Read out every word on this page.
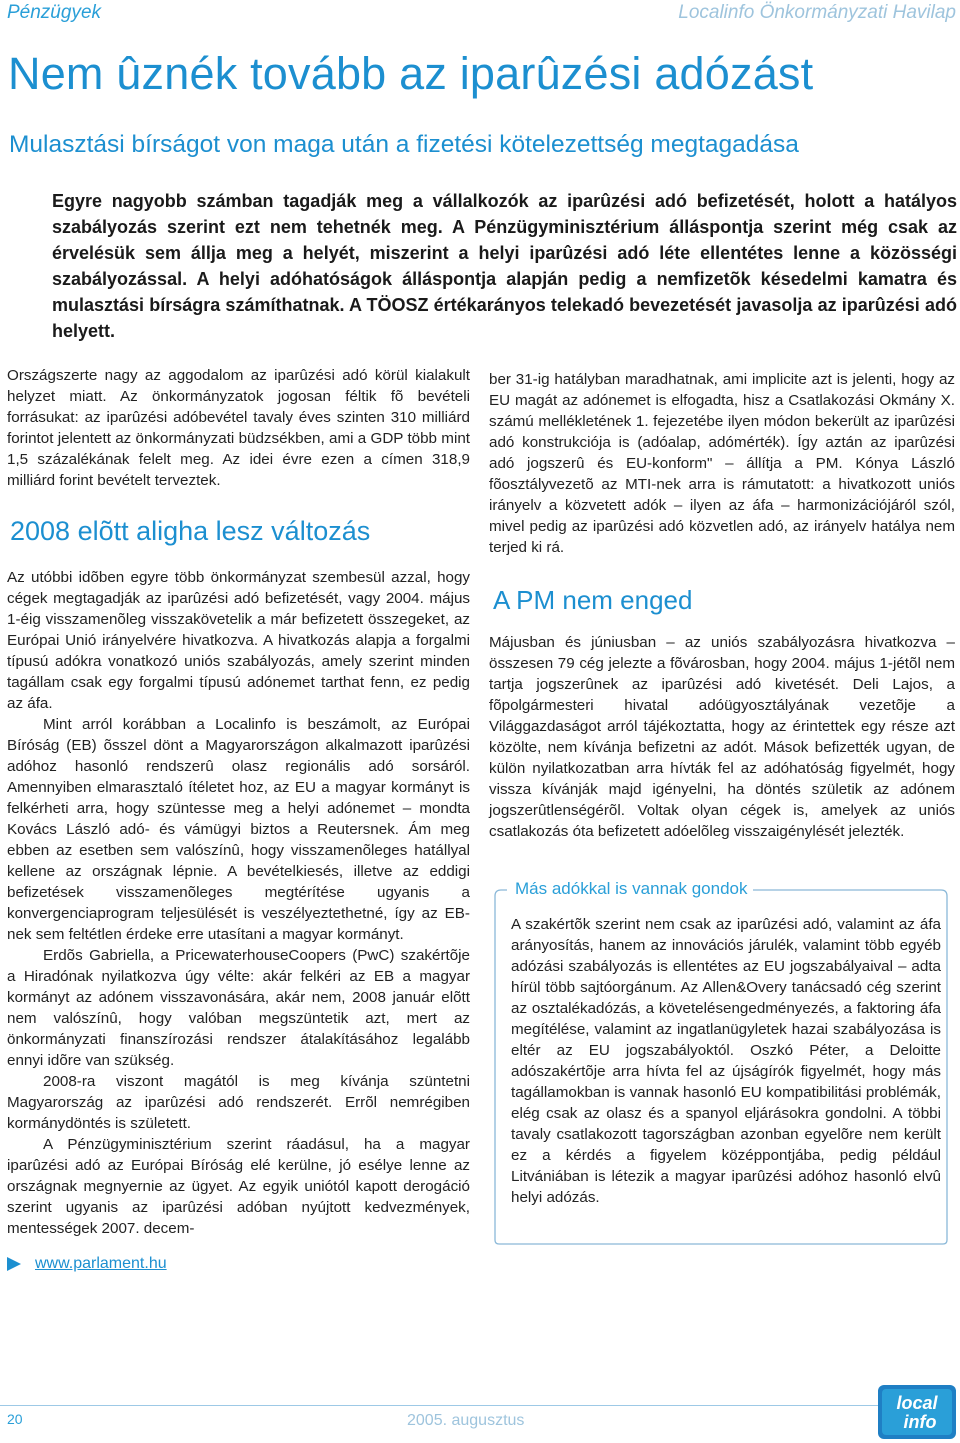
Pénzügyek	Localinfo Önkormányzati Havilap
Nem ûznék tovább az iparûzési adózást
Mulasztási bírságot von maga után a fizetési kötelezettség megtagadása

Egyre nagyobb számban tagadják meg a vállalkozók az iparûzési adó befizetését, holott a hatályos szabályozás szerint ezt nem tehetnék meg. A Pénzügyminisztérium álláspontja szerint még csak az érvelésük sem állja meg a helyét, miszerint a helyi iparûzési adó léte ellentétes lenne a közösségi szabályozással. A helyi adóhatóságok álláspontja alapján pedig a nemfizetõk késedelmi kamatra és mulasztási bírságra számíthatnak. A TÖOSZ értékarányos telekadó bevezetését javasolja az iparûzési adó helyett.

Országszerte nagy az aggodalom az iparûzési adó körül kialakult helyzet miatt. Az önkormányzatok jogosan féltik fõ bevételi forrásukat: az iparûzési adóbevétel tavaly éves szinten 310 milliárd forintot jelentett az önkormányzati büdzsékben, ami a GDP több mint 1,5 százalékának felelt meg. Az idei évre ezen a címen 318,9 milliárd forint bevételt terveztek.

2008 elõtt aligha lesz változás

Az utóbbi idõben egyre több önkormányzat szembesül azzal, hogy cégek megtagadják az iparûzési adó befizetését, vagy 2004. május 1-éig visszamenõleg visszakövetelik a már befizetett összegeket, az Európai Unió irányelvére hivatkozva. A hivatkozás alapja a forgalmi típusú adókra vonatkozó uniós szabályozás, amely szerint minden tagállam csak egy forgalmi típusú adónemet tarthat fenn, ez pedig az áfa.

Mint arról korábban a Localinfo is beszámolt, az Európai Bíróság (EB) õsszel dönt a Magyarországon alkalmazott iparûzési adóhoz hasonló rendszerû olasz regionális adó sorsáról. Amennyiben elmarasztaló ítéletet hoz, az EU a magyar kormányt is felkérheti arra, hogy szüntesse meg a helyi adónemet – mondta Kovács László adó- és vámügyi biztos a Reutersnek. Ám meg ebben az esetben sem valószínû, hogy visszamenõleges hatállyal kellene az országnak lépnie. A bevételkiesés, illetve az eddigi befizetések visszamenõleges megtérítése ugyanis a konvergenciaprogram teljesülését is veszélyeztethetné, így az EB-nek sem feltétlen érdeke erre utasítani a magyar kormányt.

Erdõs Gabriella, a PricewaterhouseCoopers (PwC) szakértõje a Hiradónak nyilatkozva úgy vélte: akár felkéri az EB a magyar kormányt az adónem visszavonására, akár nem, 2008 január elõtt nem valószínû, hogy valóban megszüntetik azt, mert az önkormányzati finanszírozási rendszer átalakításához legalább ennyi idõre van szükség.

2008-ra viszont magától is meg kívánja szüntetni Magyarország az iparûzési adó rendszerét. Errõl nemrégiben kormánydöntés is született.

A Pénzügyminisztérium szerint ráadásul, ha a magyar iparûzési adó az Európai Bíróság elé kerülne, jó esélye lenne az országnak megnyernie az ügyet. Az egyik uniótól kapott derogáció szerint ugyanis az iparûzési adóban nyújtott kedvezmények, mentességek 2007. decem-

www.parlament.hu

ber 31-ig hatályban maradhatnak, ami implicite azt is jelenti, hogy az EU magát az adónemet is elfogadta, hisz a Csatlakozási Okmány X. számú mellékletének 1. fejezetébe ilyen módon bekerült az iparûzési adó konstrukciója is (adóalap, adómérték). Így aztán az iparûzési adó jogszerû és EU-konform" – állítja a PM. Kónya László fõosztályvezetõ az MTI-nek arra is rámutatott: a hivatkozott uniós irányelv a közvetett adók – ilyen az áfa – harmonizációjáról szól, mivel pedig az iparûzési adó közvetlen adó, az irányelv hatálya nem terjed ki rá.

A PM nem enged

Májusban és júniusban – az uniós szabályozásra hivatkozva – összesen 79 cég jelezte a fõvárosban, hogy 2004. május 1-jétõl nem tartja jogszerûnek az iparûzési adó kivetését. Deli Lajos, a fõpolgármesteri hivatal adóügyosztályának vezetõje a Világgazdaságot arról tájékoztatta, hogy az érintettek egy része azt közölte, nem kívánja befizetni az adót. Mások befizették ugyan, de külön nyilatkozatban arra hívták fel az adóhatóság figyelmét, hogy vissza kívánják majd igényelni, ha döntés születik az adónem jogszerûtlenségérõl. Voltak olyan cégek is, amelyek az uniós csatlakozás óta befizetett adóelõleg visszaigénylését jelezték.

Más adókkal is vannak gondok

A szakértõk szerint nem csak az iparûzési adó, valamint az áfa arányosítás, hanem az innovációs járulék, valamint több egyéb adózási szabályozás is ellentétes az EU jogszabályaival – adta hírül több sajtóorgánum. Az Allen&Overy tanácsadó cég szerint az osztalékadózás, a követelésengedményezés, a faktoring áfa megítélése, valamint az ingatlanügyletek hazai szabályozása is eltér az EU jogszabályoktól. Oszkó Péter, a Deloitte adószakértõje arra hívta fel az újságírók figyelmét, hogy más tagállamokban is vannak hasonló EU kompatibilitási problémák, elég csak az olasz és a spanyol eljárásokra gondolni. A többi tavaly csatlakozott tagországban azonban egyelõre nem került ez a kérdés a figyelem középpontjába, pedig például Litvániában is létezik a magyar iparûzési adóhoz hasonló elvû helyi adózás.

20	2005. augusztus
local
info
